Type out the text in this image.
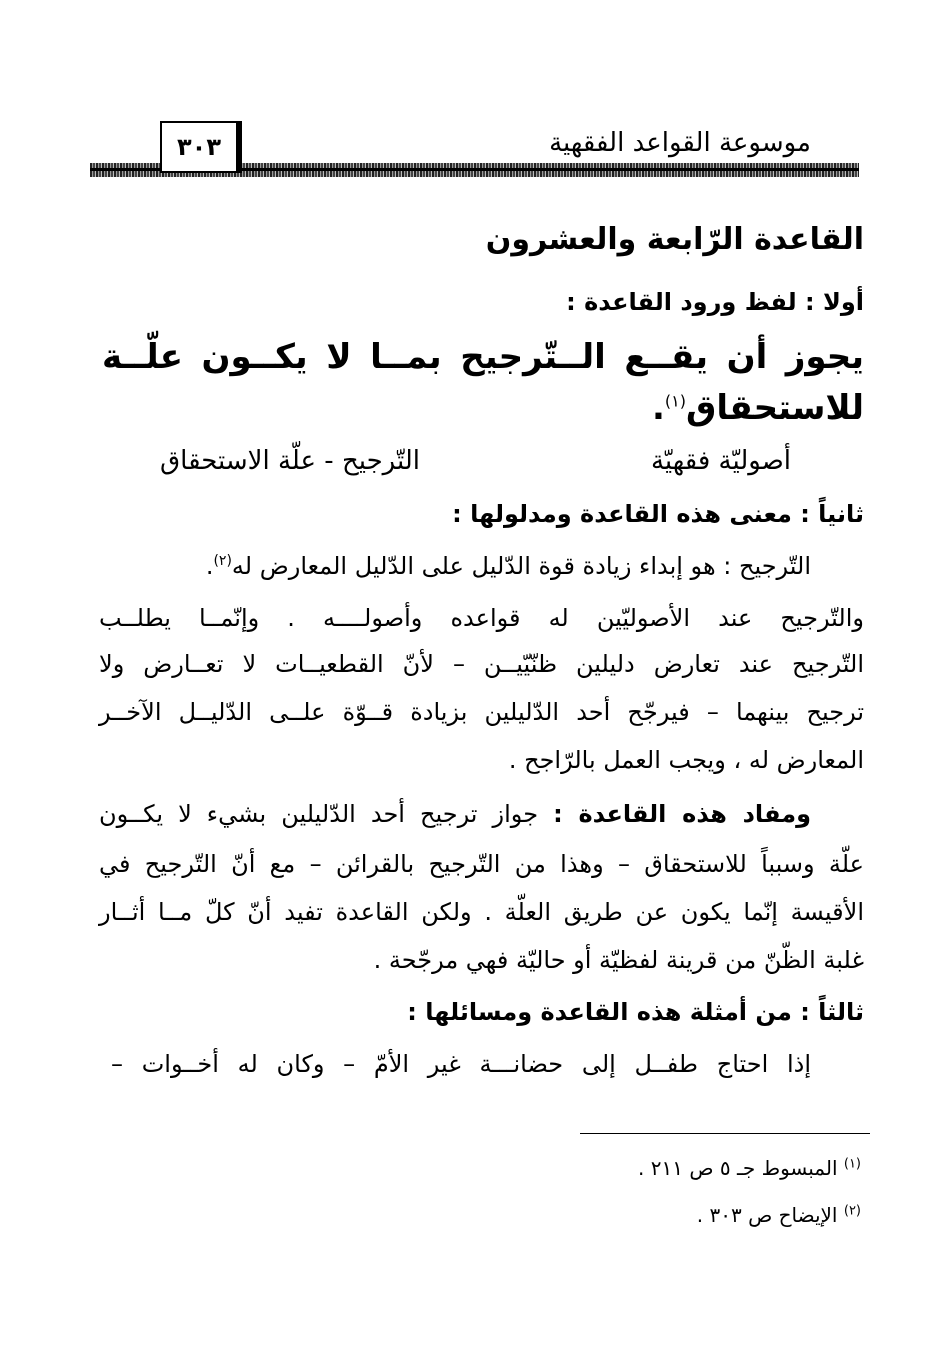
موسوعة القواعد الفقهية
٣٠٣
القاعدة الرّابعة والعشرون
أولا : لفظ ورود القاعدة :
يجوز أن يقــع الــتّرجيح بمــا لا يكــون علّــة
للاستحقاق$^{(١)}$.
أصوليّة فقهيّة
التّرجيح - علّة الاستحقاق
ثانياً : معنى هذه القاعدة ومدلولها :
التّرجيح : هو إبداء زيادة قوة الدّليل على الدّليل المعارض له$^{(٢)}$.
والتّرجيح عند الأصوليّين له قواعده وأصولــــه . وإنّمــا يطلــب
التّرجيح عند تعارض دليلين ظنّيّيــن – لأنّ القطعيــات لا تعــارض ولا
ترجيح بينهما – فيرجّح أحد الدّليلين بزيادة قــوّة علــى الدّليــل الآخــر
المعارض له ، ويجب العمل بالرّاجح .
ومفاد هذه القاعدة : جواز ترجيح أحد الدّليلين بشيء لا يكــون
علّة وسبباً للاستحقاق – وهذا من التّرجيح بالقرائن – مع أنّ التّرجيح في
الأقيسة إنّما يكون عن طريق العلّة . ولكن القاعدة تفيد أنّ كلّ مــا أثــار
غلبة الظّنّ من قرينة لفظيّة أو حاليّة فهي مرجّحة .
ثالثاً : من أمثلة هذه القاعدة ومسائلها :
إذا احتاج طفــل إلى حضانـــة غير الأمّ – وكان له أخــوات –
$^{(١)}$ المبسوط جـ ٥ ص ٢١١ .
$^{(٢)}$ الإيضاح ص ٣٠٣ .
